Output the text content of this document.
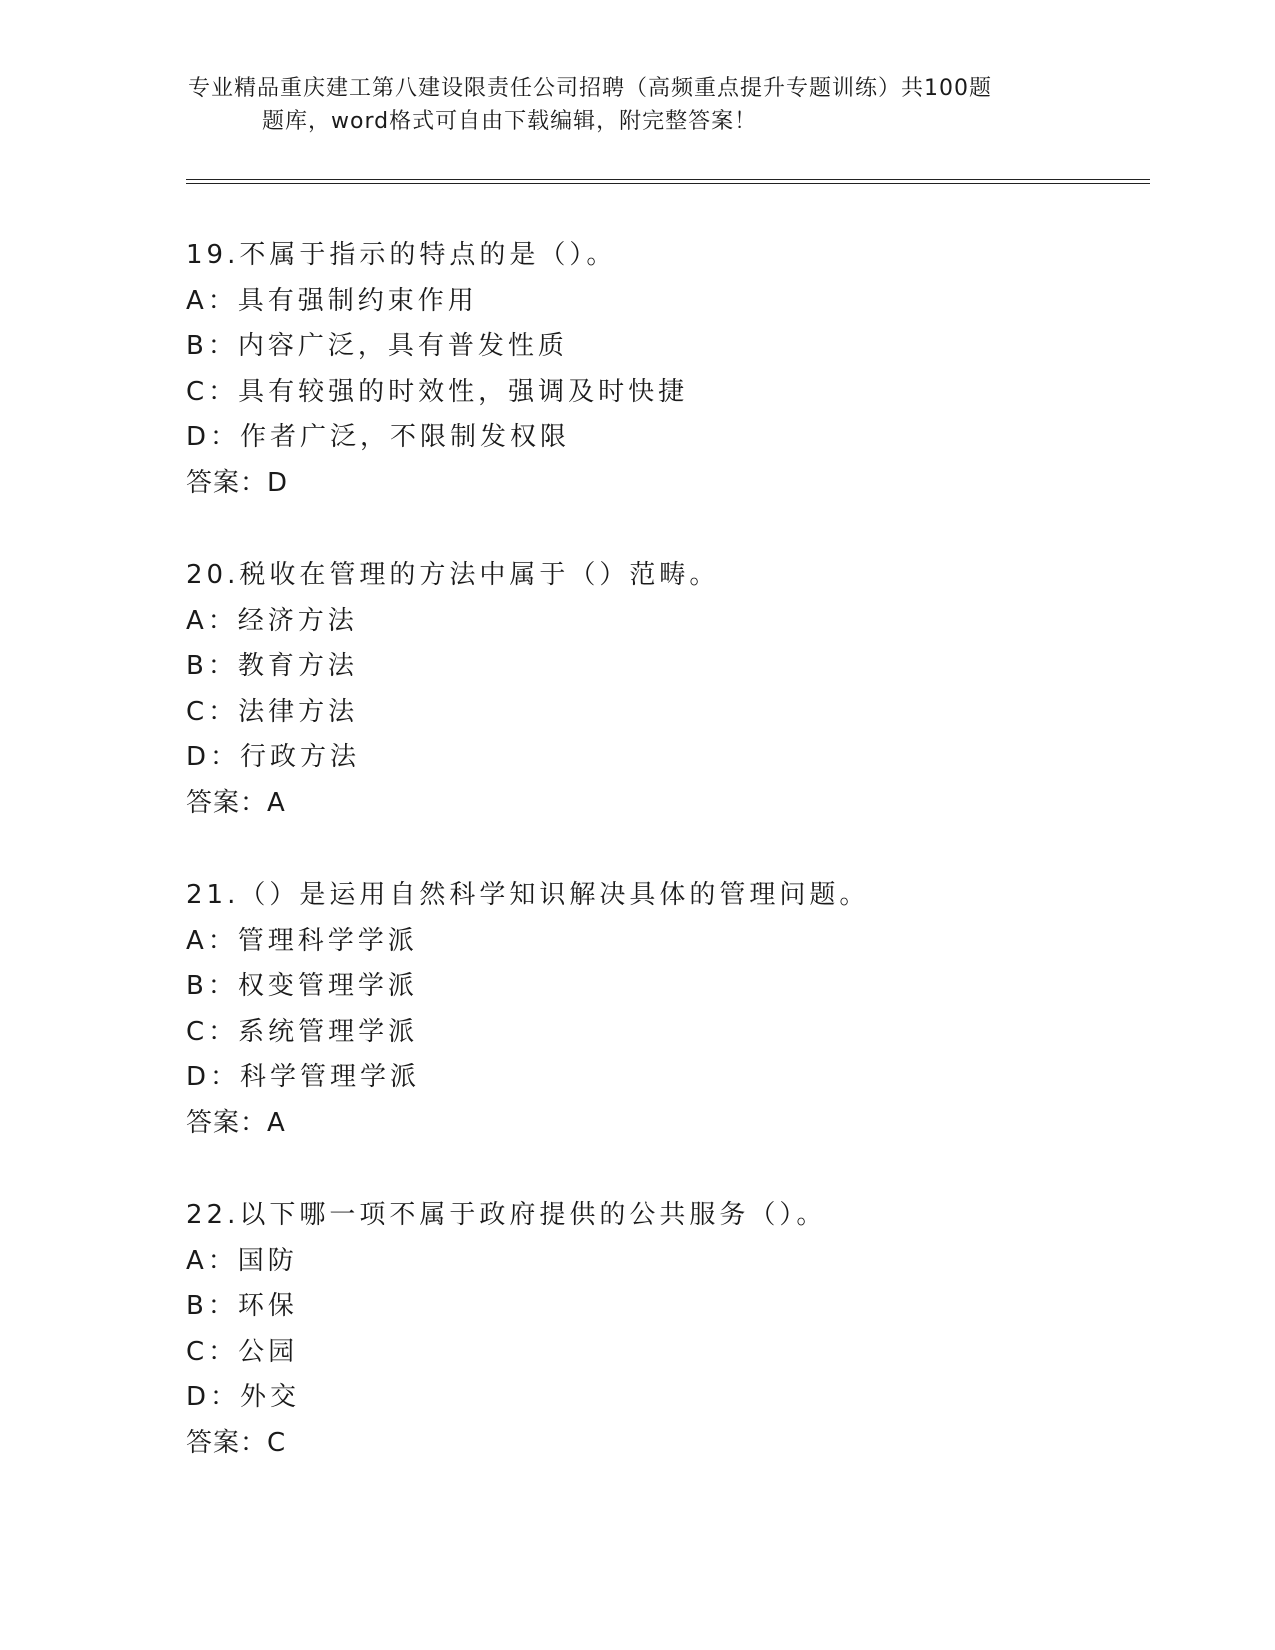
专业精品重庆建工第八建设限责任公司招聘（高频重点提升专题训练）共100题
题库，word格式可自由下载编辑，附完整答案！
19.不属于指示的特点的是（）。
A：具有强制约束作用
B：内容广泛，具有普发性质
C：具有较强的时效性，强调及时快捷
D：作者广泛，不限制发权限
答案：D
20.税收在管理的方法中属于（）范畴。
A：经济方法
B：教育方法
C：法律方法
D：行政方法
答案：A
21.（）是运用自然科学知识解决具体的管理问题。
A：管理科学学派
B：权变管理学派
C：系统管理学派
D：科学管理学派
答案：A
22.以下哪一项不属于政府提供的公共服务（）。
A：国防
B：环保
C：公园
D：外交
答案：C
